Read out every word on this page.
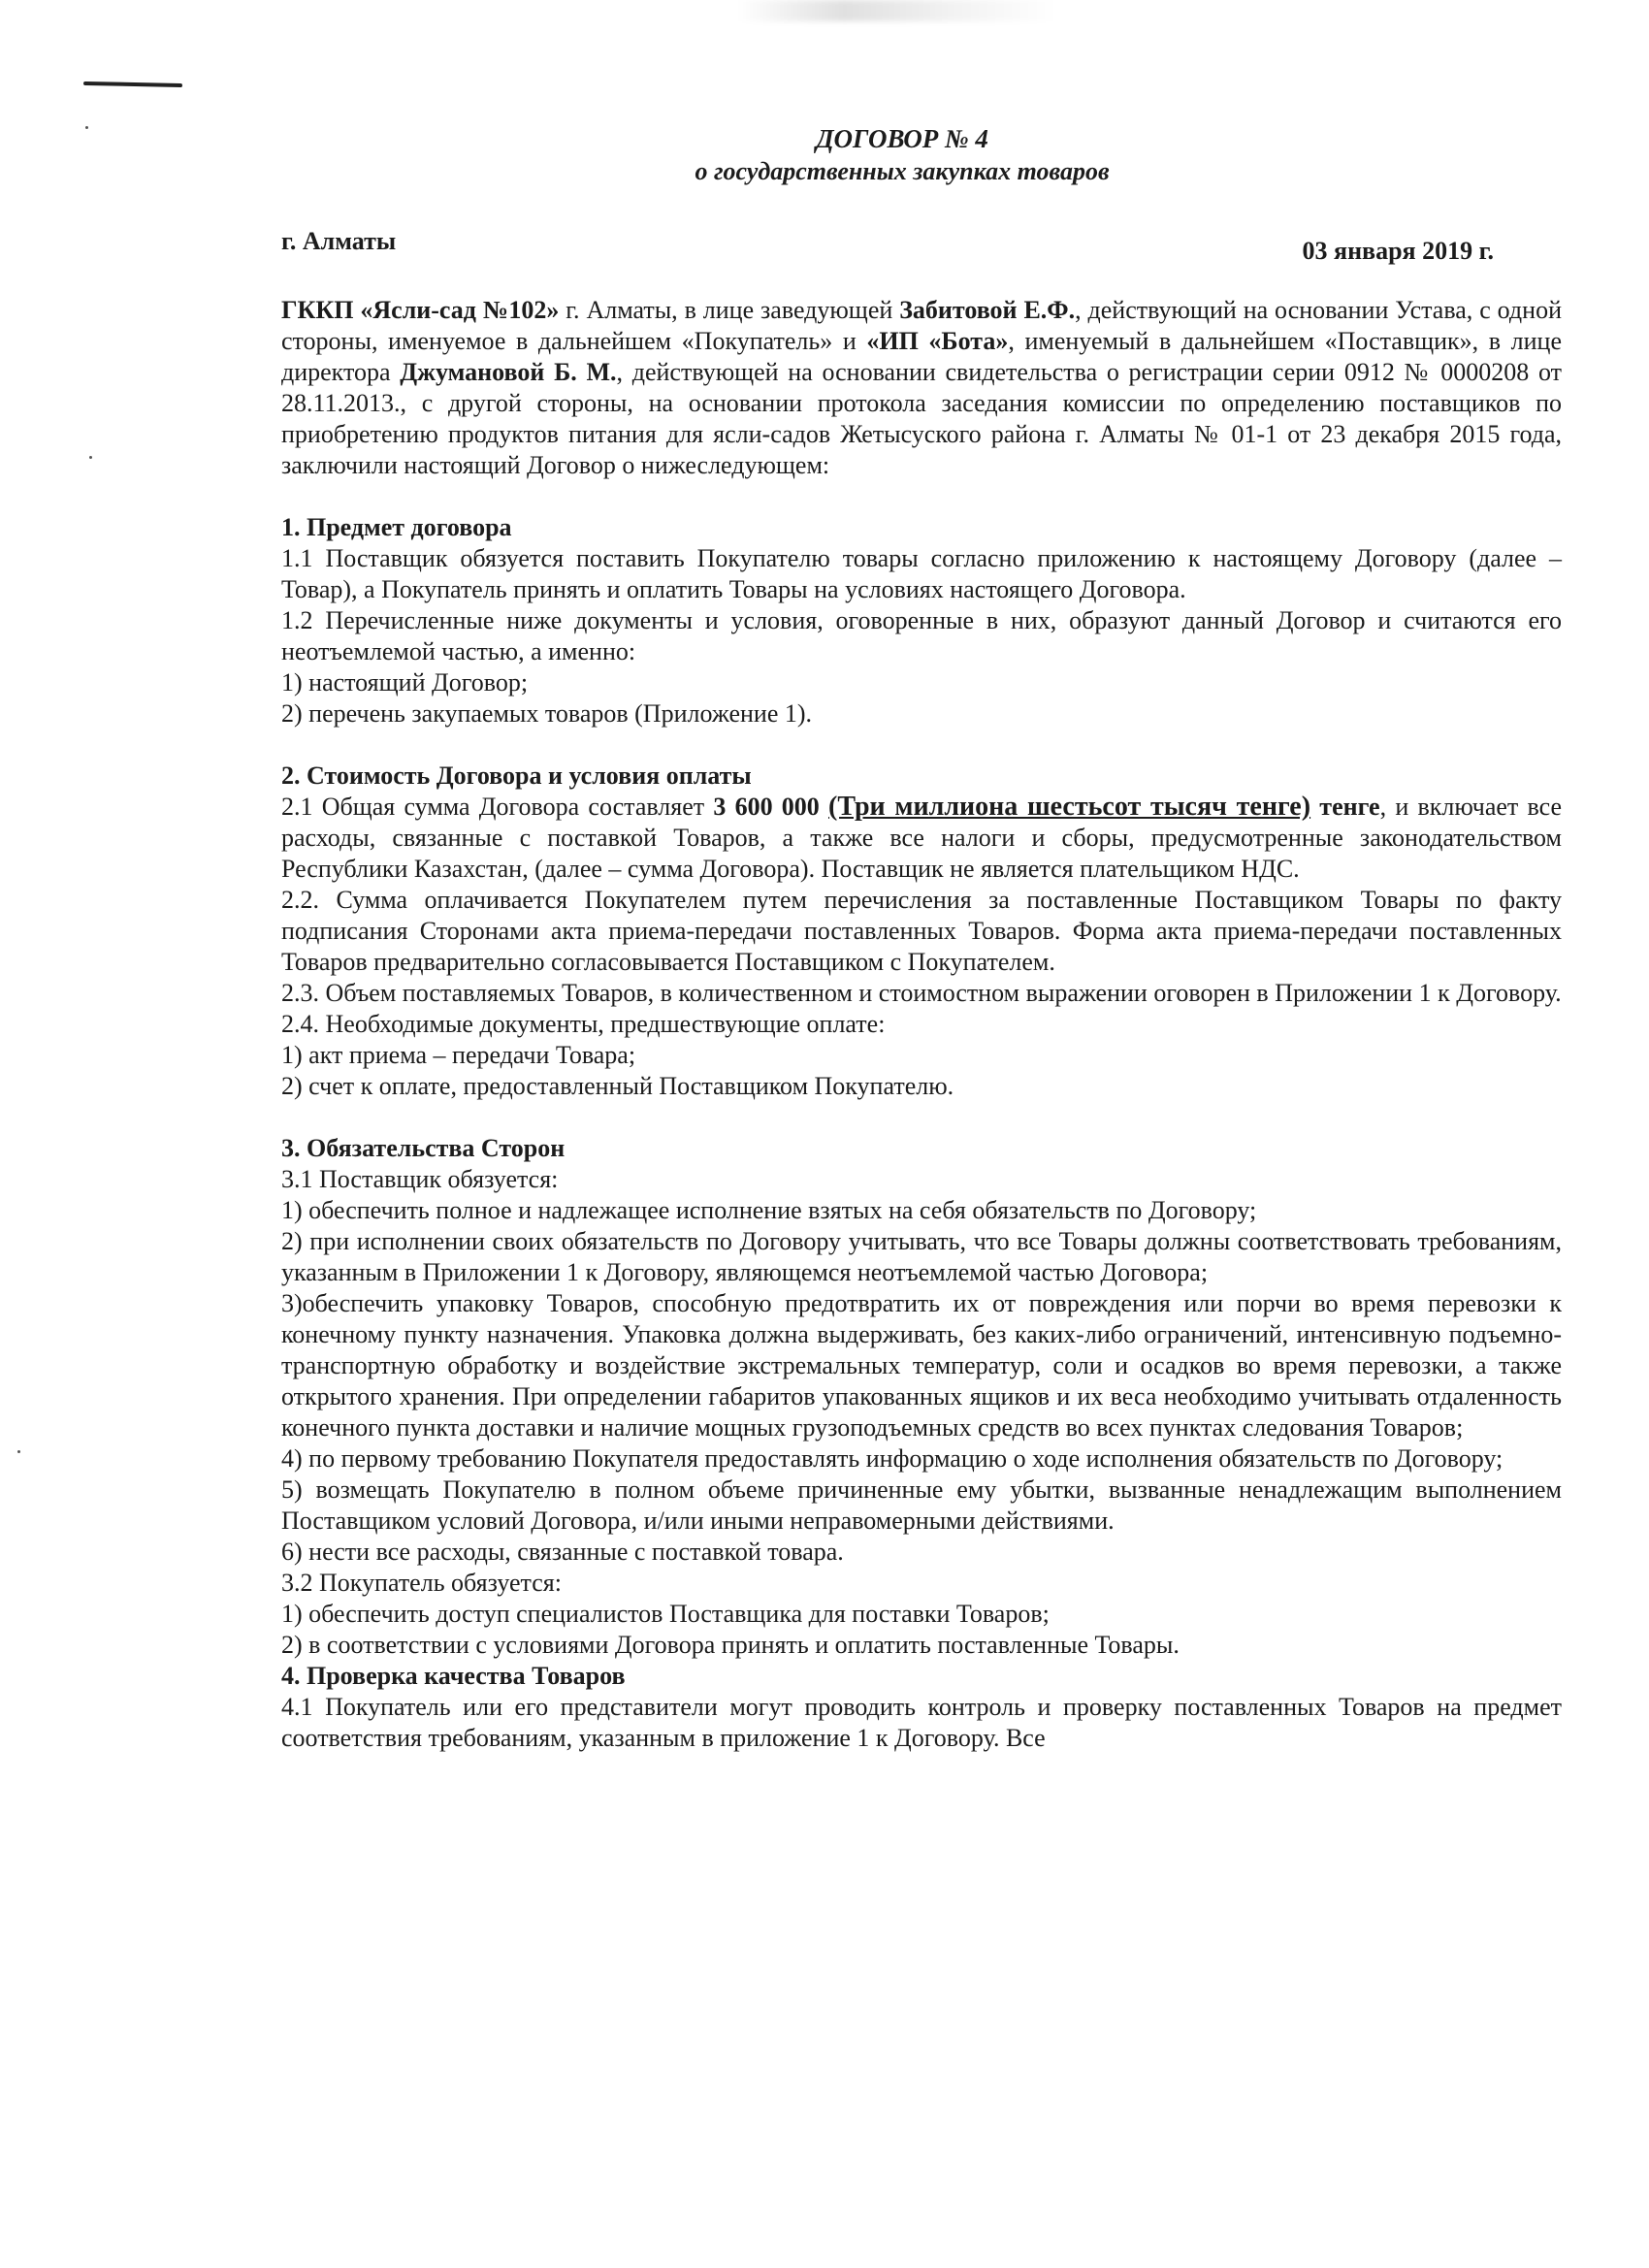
ДОГОВОР № 4

о государственных закупках товаров

г. Алматы	03 января 2019 г.

ГККП «Ясли-сад №102» г. Алматы, в лице заведующей Забитовой Е.Ф., действующий на основании Устава, с одной стороны, именуемое в дальнейшем «Покупатель» и «ИП «Бота», именуемый в дальнейшем «Поставщик», в лице директора Джумановой Б. М., действующей на основании свидетельства о регистрации серии 0912 № 0000208 от 28.11.2013., с другой стороны, на основании протокола заседания комиссии по определению поставщиков по приобретению продуктов питания для ясли-садов Жетысуского района г. Алматы № 01-1 от 23 декабря 2015 года, заключили настоящий Договор о нижеследующем:

1. Предмет договора

1.1 Поставщик обязуется поставить Покупателю товары согласно приложению к настоящему Договору (далее – Товар), а Покупатель принять и оплатить Товары на условиях настоящего Договора.

1.2 Перечисленные ниже документы и условия, оговоренные в них, образуют данный Договор и считаются его неотъемлемой частью, а именно:

1) настоящий Договор;

2) перечень закупаемых товаров (Приложение 1).

2. Стоимость Договора и условия оплаты

2.1 Общая сумма Договора составляет 3 600 000 (Три миллиона шестьсот тысяч тенге) тенге, и включает все расходы, связанные с поставкой Товаров, а также все налоги и сборы, предусмотренные законодательством Республики Казахстан, (далее – сумма Договора). Поставщик не является плательщиком НДС.

2.2. Сумма оплачивается Покупателем путем перечисления за поставленные Поставщиком Товары по факту подписания Сторонами акта приема-передачи поставленных Товаров. Форма акта приема-передачи поставленных Товаров предварительно согласовывается Поставщиком с Покупателем.

2.3. Объем поставляемых Товаров, в количественном и стоимостном выражении оговорен в Приложении 1 к Договору.

2.4. Необходимые документы, предшествующие оплате:

1) акт приема – передачи Товара;

2) счет к оплате, предоставленный Поставщиком Покупателю.

3. Обязательства Сторон

3.1 Поставщик обязуется:

1) обеспечить полное и надлежащее исполнение взятых на себя обязательств по Договору;

2) при исполнении своих обязательств по Договору учитывать, что все Товары должны соответствовать требованиям, указанным в Приложении 1 к Договору, являющемся неотъемлемой частью Договора;

3)обеспечить упаковку Товаров, способную предотвратить их от повреждения или порчи во время перевозки к конечному пункту назначения. Упаковка должна выдерживать, без каких-либо ограничений, интенсивную подъемно-транспортную обработку и воздействие экстремальных температур, соли и осадков во время перевозки, а также открытого хранения. При определении габаритов упакованных ящиков и их веса необходимо учитывать отдаленность конечного пункта доставки и наличие мощных грузоподъемных средств во всех пунктах следования Товаров;

4) по первому требованию Покупателя предоставлять информацию о ходе исполнения обязательств по Договору;

5) возмещать Покупателю в полном объеме причиненные ему убытки, вызванные ненадлежащим выполнением Поставщиком условий Договора, и/или иными неправомерными действиями.

6) нести все расходы, связанные с поставкой товара.

3.2 Покупатель обязуется:

1) обеспечить доступ специалистов Поставщика для поставки Товаров;

2) в соответствии с условиями Договора принять и оплатить поставленные Товары.

4. Проверка качества Товаров

4.1 Покупатель или его представители могут проводить контроль и проверку поставленных Товаров на предмет соответствия требованиям, указанным в приложение 1 к Договору. Все
